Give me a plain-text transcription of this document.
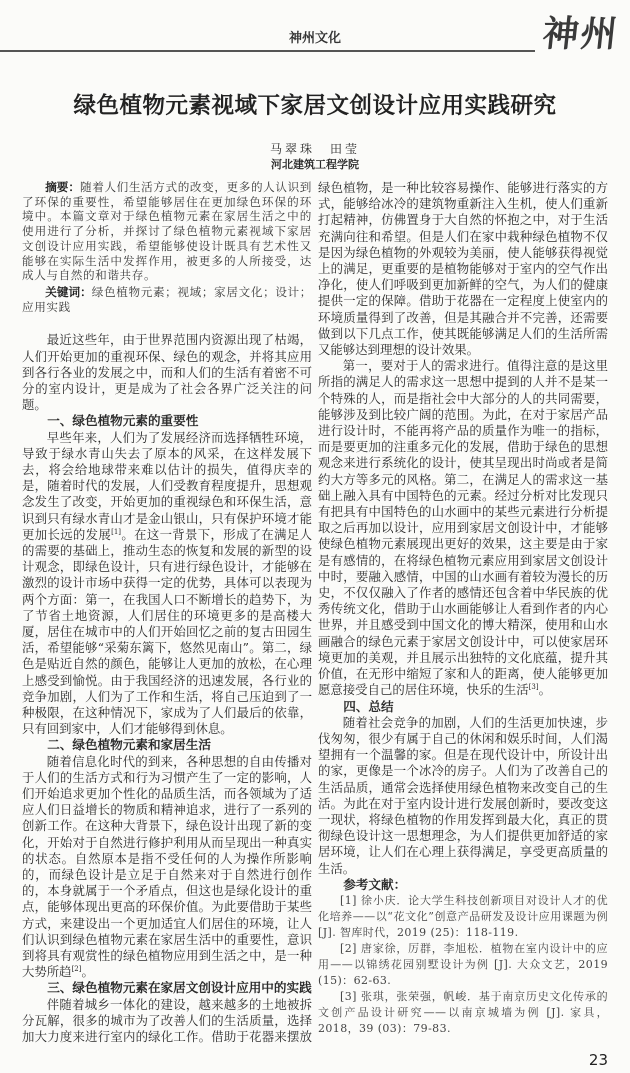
神州文化	神州
绿色植物元素视域下家居文创设计应用实践研究
马翠珠　田莹
河北建筑工程学院

摘要：随着人们生活方式的改变，更多的人认识到了环保的重要性，希望能够居住在更加绿色环保的环境中。本篇文章对于绿色植物元素在家居生活之中的使用进行了分析，并探讨了绿色植物元素视域下家居文创设计应用实践，希望能够使设计既具有艺术性又能够在实际生活中发挥作用，被更多的人所接受，达成人与自然的和谐共存。

关键词：绿色植物元素；视域；家居文化；设计；应用实践

最近这些年，由于世界范围内资源出现了枯竭，人们开始更加的重视环保、绿色的观念，并将其应用到各行各业的发展之中，而和人们的生活有着密不可分的室内设计，更是成为了社会各界广泛关注的问题。

一、绿色植物元素的重要性

早些年来，人们为了发展经济而选择牺牲环境，导致于绿水青山失去了原本的风采，在这样发展下去，将会给地球带来难以估计的损失，值得庆幸的是，随着时代的发展，人们受教育程度提升，思想观念发生了改变，开始更加的重视绿色和环保生活，意识到只有绿水青山才是金山银山，只有保护环境才能更加长远的发展[1]。在这一背景下，形成了在满足人的需要的基础上，推动生态的恢复和发展的新型的设计观念，即绿色设计，只有进行绿色设计，才能够在激烈的设计市场中获得一定的优势，具体可以表现为两个方面：第一，在我国人口不断增长的趋势下，为了节省土地资源，人们居住的环境更多的是高楼大厦，居住在城市中的人们开始回忆之前的复古田园生活，希望能够“采菊东篱下，悠然见南山”。第二，绿色是贴近自然的颜色，能够让人更加的放松，在心理上感受到愉悦。由于我国经济的迅速发展，各行业的竞争加剧，人们为了工作和生活，将自己压迫到了一种极限，在这种情况下，家成为了人们最后的依靠，只有回到家中，人们才能够得到休息。

二、绿色植物元素和家居生活

随着信息化时代的到来，各种思想的自由传播对于人们的生活方式和行为习惯产生了一定的影响，人们开始追求更加个性化的品质生活，而各领域为了适应人们日益增长的物质和精神追求，进行了一系列的创新工作。在这种大背景下，绿色设计出现了新的变化，开始对于自然进行修护利用从而呈现出一种真实的状态。自然原本是指不受任何的人为操作所影响的，而绿色设计是立足于自然来对于自然进行创作的，本身就属于一个矛盾点，但这也是绿化设计的重点，能够体现出更高的环保价值。为此要借助于某些方式，来建设出一个更加适宜人们居住的环境，让人们认识到绿色植物元素在家居生活中的重要性，意识到将具有观赏性的绿色植物应用到生活之中，是一种大势所趋[2]。

三、绿色植物元素在家居文创设计应用中的实践

伴随着城乡一体化的建设，越来越多的土地被拆分瓦解，很多的城市为了改善人们的生活质量，选择加大力度来进行室内的绿化工作。借助于花器来摆放绿色植物，是一种比较容易操作、能够进行落实的方式，能够给冰冷的建筑物重新注入生机，使人们重新打起精神，仿佛置身于大自然的怀抱之中，对于生活充满向往和希望。但是人们在家中栽种绿色植物不仅是因为绿色植物的外观较为美丽，使人能够获得视觉上的满足，更重要的是植物能够对于室内的空气作出净化，使人们呼吸到更加新鲜的空气，为人们的健康提供一定的保障。借助于花器在一定程度上使室内的环境质量得到了改善，但是其融合并不完善，还需要做到以下几点工作，使其既能够满足人们的生活所需又能够达到理想的设计效果。

第一，要对于人的需求进行。值得注意的是这里所指的满足人的需求这一思想中提到的人并不是某一个特殊的人，而是指社会中大部分的人的共同需要，能够涉及到比较广阔的范围。为此，在对于家居产品进行设计时，不能再将产品的质量作为唯一的指标，而是要更加的注重多元化的发展，借助于绿色的思想观念来进行系统化的设计，使其呈现出时尚或者是简约大方等多元的风格。第二，在满足人的需求这一基础上融入具有中国特色的元素。经过分析对比发现只有把具有中国特色的山水画中的某些元素进行分析提取之后再加以设计，应用到家居文创设计中，才能够使绿色植物元素展现出更好的效果，这主要是由于家是有感情的，在将绿色植物元素应用到家居文创设计中时，要融入感情，中国的山水画有着较为漫长的历史，不仅仅融入了作者的感情还包含着中华民族的优秀传统文化，借助于山水画能够让人看到作者的内心世界，并且感受到中国文化的博大精深，使用和山水画融合的绿色元素于家居文创设计中，可以使家居环境更加的美观，并且展示出独特的文化底蕴，提升其价值，在无形中缩短了家和人的距离，使人能够更加愿意接受自己的居住环境，快乐的生活[3]。

四、总结

随着社会竞争的加剧，人们的生活更加快速，步伐匆匆，很少有属于自己的休闲和娱乐时间，人们渴望拥有一个温馨的家。但是在现代设计中，所设计出的家，更像是一个冰冷的房子。人们为了改善自己的生活品质，通常会选择使用绿色植物来改变自己的生活。为此在对于室内设计进行发展创新时，要改变这一现状，将绿色植物的作用发挥到最大化，真正的贯彻绿色设计这一思想理念，为人们提供更加舒适的家居环境，让人们在心理上获得满足，享受更高质量的生活。

参考文献：

[1] 徐小庆．论大学生科技创新项目对设计人才的优化培养——以“花文化”创意产品研发及设计应用课题为例 [J]. 智库时代，2019 (25)：118-119.

[2] 唐家徐，厉群，李旭松．植物在室内设计中的应用——以锦绣花园别墅设计为例 [J]. 大众文艺，2019 (15)：62-63.

[3] 张琪，张荣强，帆峻．基于南京历史文化传承的文创产品设计研究——以南京城墙为例 [J]. 家具，2018，39 (03)：79-83.

23
